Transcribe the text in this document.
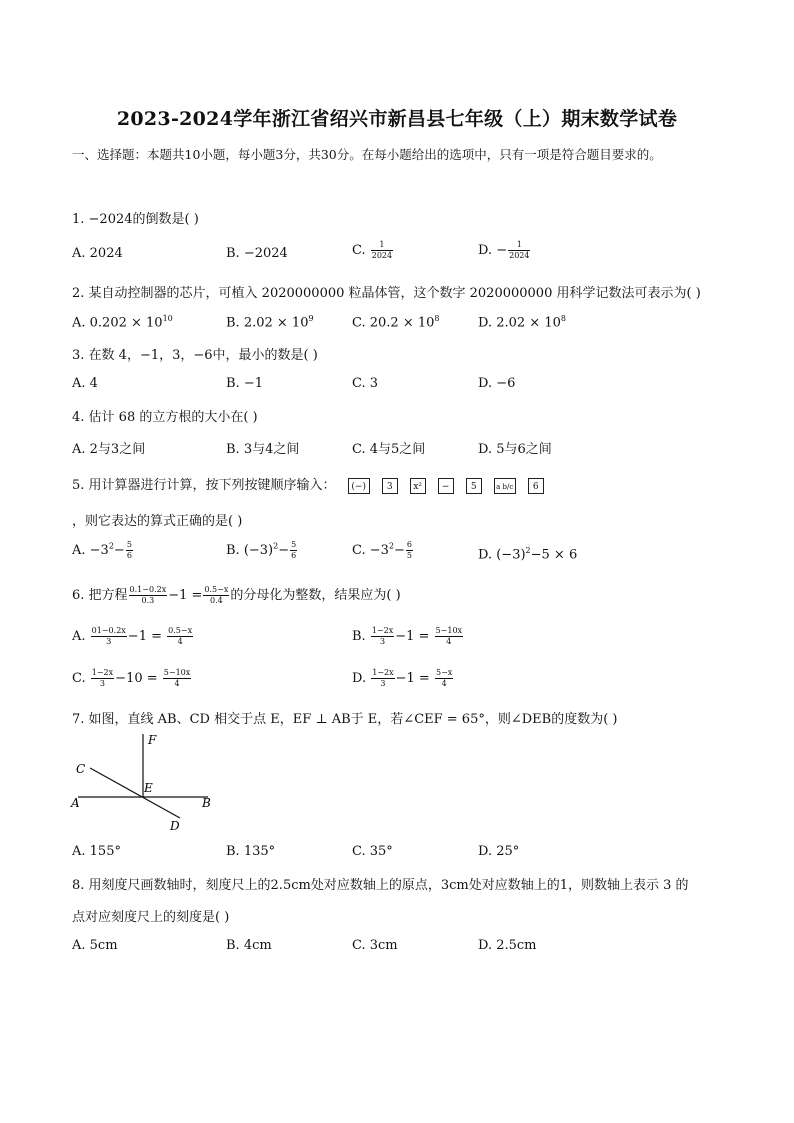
2023-2024学年浙江省绍兴市新昌县七年级（上）期末数学试卷
一、选择题：本题共10小题，每小题3分，共30分。在每小题给出的选项中，只有一项是符合题目要求的。
1. −2024的倒数是( )
A. 2024	B. −2024	C. $\frac{1}{2024}$	D. − $\frac{1}{2024}$
2. 某自动控制器的芯片，可植入 2020000000 粒晶体管，这个数字 2020000000 用科学记数法可表示为( )
A. $0.202 \times 10^{10}$	B. $2.02 \times 10^9$	C. $20.2 \times 10^8$	D. $2.02 \times 10^8$
3. 在数 4，−1，3，−6中，最小的数是( )
A. 4	B. −1	C. 3	D. −6
4. 估计 68 的立方根的大小在( )
A. 2与3之间	B. 3与4之间	C. 4与5之间	D. 5与6之间
5. 用计算器进行计算，按下列按键顺序输入： (−) 3 x² − 5	a b/c 6
，则它表达的算式正确的是( )
A. $-3^2- \frac{5}{6}$	B. $(-3)^2- \frac{5}{6}$	C. $-3^2- \frac{6}{5}$	D. $(-3)^2-5 \times 6$
6. 把方程 $\frac{0.1-0.2x}{0.3} -1 = \frac{0.5-x}{0.4}$ 的分母化为整数，结果应为( )
A. $\frac{01-0.2x}{3} -1 = \frac{0.5-x}{4}$	B. $\frac{1-2x}{3} -1 = \frac{5-10x}{4}$
C. $\frac{1-2x}{3} -10 = \frac{5-10x}{4}$	D. $\frac{1-2x}{3} -1 = \frac{5-x}{4}$
7. 如图，直线 AB、CD 相交于点 E，EF ⊥ AB于 E，若∠CEF = 65°，则∠DEB的度数为( )
F
C
E
A	B
D
A. 155°	B. 135°	C. 35°	D. 25°
8. 用刻度尺画数轴时，刻度尺上的2.5cm处对应数轴上的原点，3cm处对应数轴上的1，则数轴上表示 3 的
点对应刻度尺上的刻度是( )
A. 5cm	B. 4cm	C. 3cm	D. 2.5cm
